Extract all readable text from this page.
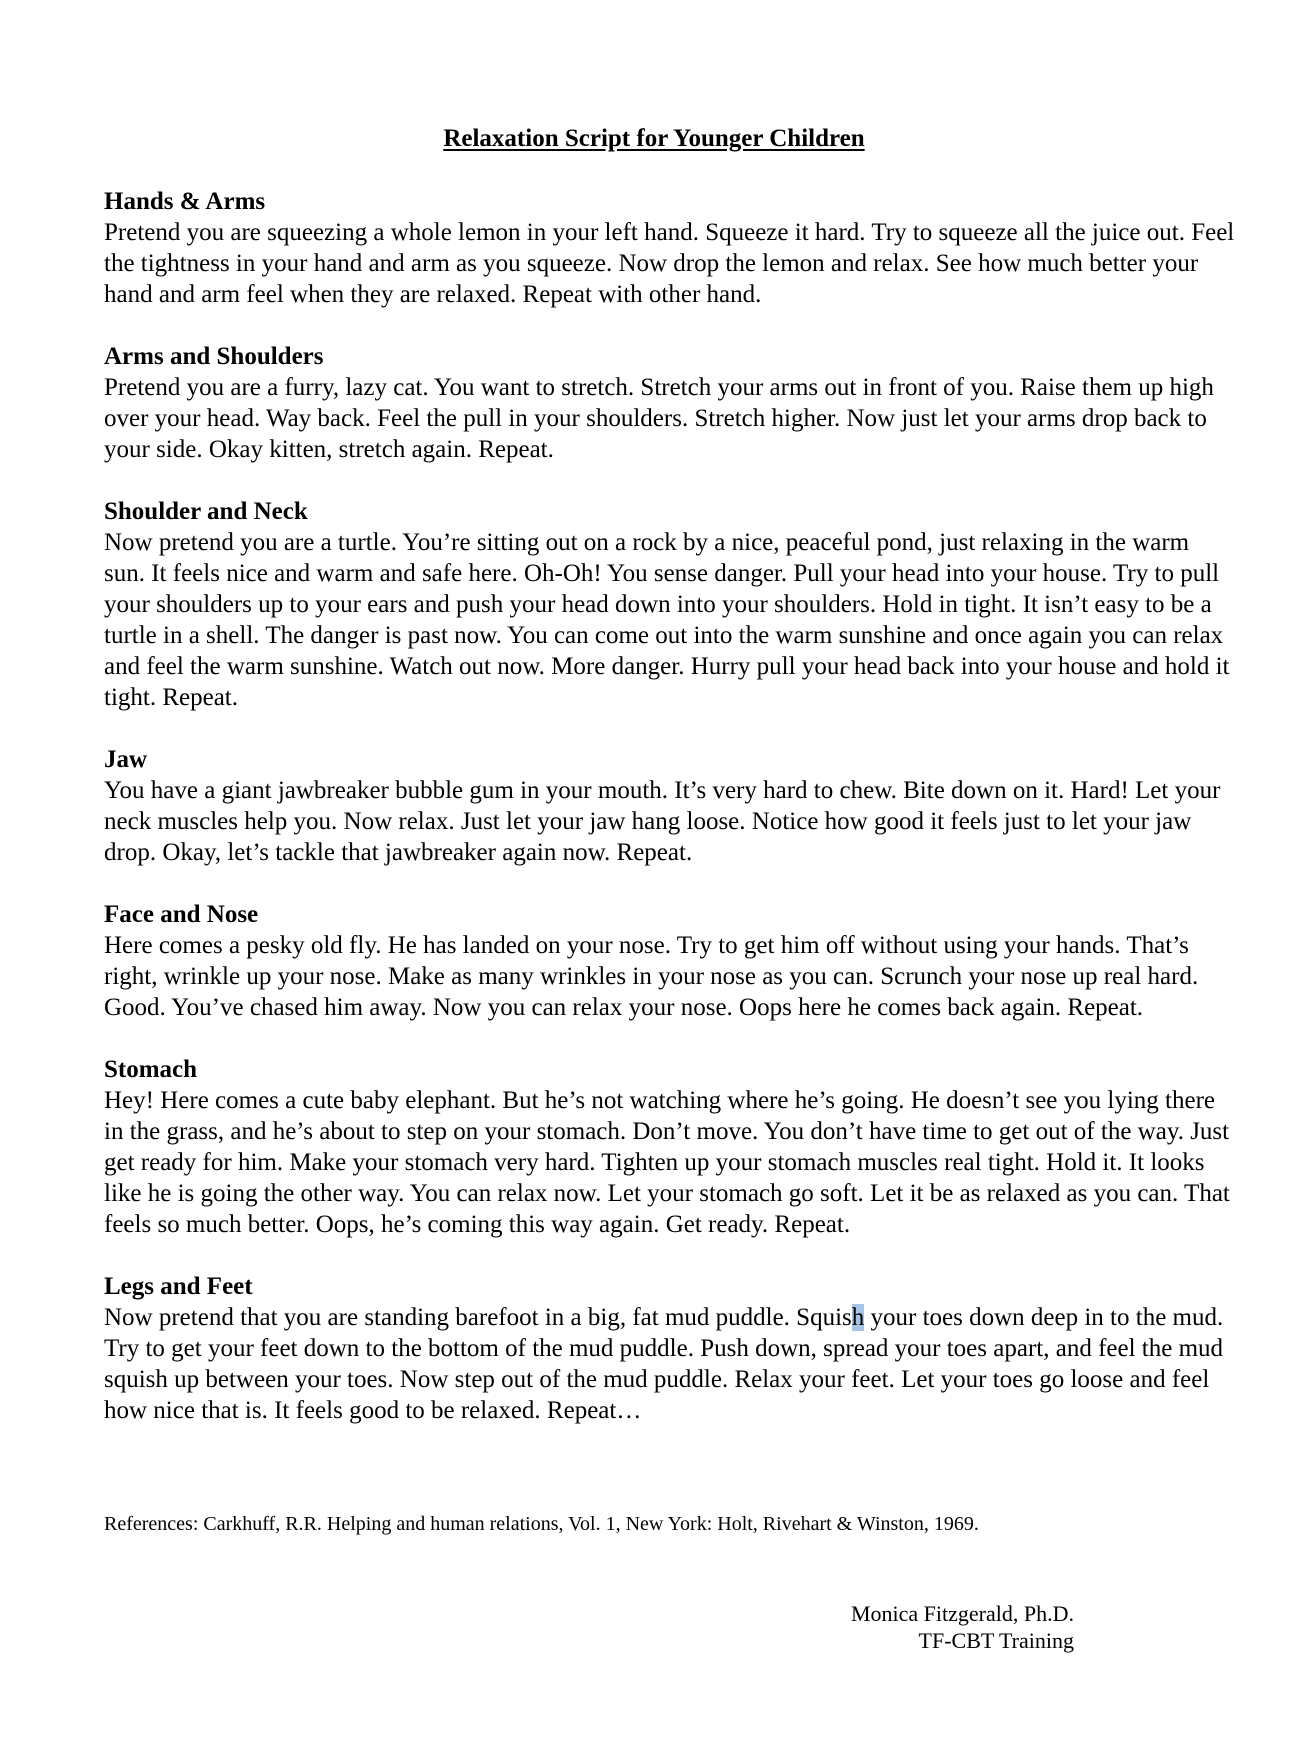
Relaxation Script for Younger Children
Hands & Arms
Pretend you are squeezing a whole lemon in your left hand. Squeeze it hard. Try to squeeze all the juice out. Feel the tightness in your hand and arm as you squeeze. Now drop the lemon and relax. See how much better your hand and arm feel when they are relaxed. Repeat with other hand.
Arms and Shoulders
Pretend you are a furry, lazy cat. You want to stretch. Stretch your arms out in front of you. Raise them up high over your head. Way back. Feel the pull in your shoulders. Stretch higher. Now just let your arms drop back to your side. Okay kitten, stretch again. Repeat.
Shoulder and Neck
Now pretend you are a turtle. You’re sitting out on a rock by a nice, peaceful pond, just relaxing in the warm sun. It feels nice and warm and safe here. Oh-Oh! You sense danger. Pull your head into your house. Try to pull your shoulders up to your ears and push your head down into your shoulders. Hold in tight. It isn’t easy to be a turtle in a shell. The danger is past now. You can come out into the warm sunshine and once again you can relax and feel the warm sunshine. Watch out now. More danger. Hurry pull your head back into your house and hold it tight. Repeat.
Jaw
You have a giant jawbreaker bubble gum in your mouth. It’s very hard to chew. Bite down on it. Hard! Let your neck muscles help you. Now relax. Just let your jaw hang loose. Notice how good it feels just to let your jaw drop. Okay, let’s tackle that jawbreaker again now. Repeat.
Face and Nose
Here comes a pesky old fly. He has landed on your nose. Try to get him off without using your hands. That’s right, wrinkle up your nose. Make as many wrinkles in your nose as you can. Scrunch your nose up real hard. Good. You’ve chased him away. Now you can relax your nose. Oops here he comes back again. Repeat.
Stomach
Hey! Here comes a cute baby elephant. But he’s not watching where he’s going. He doesn’t see you lying there in the grass, and he’s about to step on your stomach. Don’t move. You don’t have time to get out of the way. Just get ready for him. Make your stomach very hard. Tighten up your stomach muscles real tight. Hold it. It looks like he is going the other way. You can relax now. Let your stomach go soft. Let it be as relaxed as you can. That feels so much better. Oops, he’s coming this way again. Get ready. Repeat.
Legs and Feet
Now pretend that you are standing barefoot in a big, fat mud puddle. Squish your toes down deep in to the mud. Try to get your feet down to the bottom of the mud puddle. Push down, spread your toes apart, and feel the mud squish up between your toes. Now step out of the mud puddle. Relax your feet. Let your toes go loose and feel how nice that is. It feels good to be relaxed. Repeat…
References: Carkhuff, R.R. Helping and human relations, Vol. 1, New York: Holt, Rivehart & Winston, 1969.
Monica Fitzgerald, Ph.D.
TF-CBT Training
